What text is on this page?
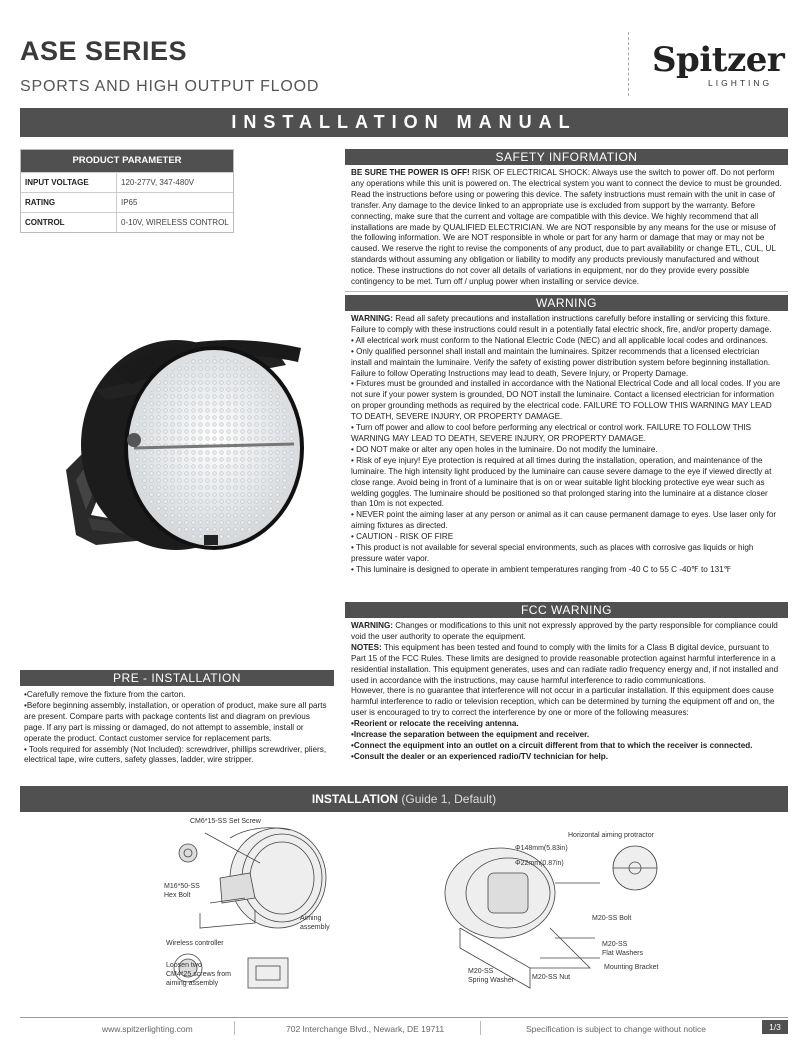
ASE SERIES
SPORTS AND HIGH OUTPUT FLOOD
Spitzer
LIGHTING
INSTALLATION MANUAL
PRODUCT PARAMETER
INPUT VOLTAGE	120-277V, 347-480V
RATING	IP65
CONTROL	0-10V, WIRELESS CONTROL
SAFETY INFORMATION

BE SURE THE POWER IS OFF! RISK OF ELECTRICAL SHOCK: Always use the switch to power off. Do not perform any operations while this unit is powered on. The electrical system you want to connect the device to must be grounded. Read the instructions before using or powering this device. The safety instructions must remain with the unit in case of transfer. Any damage to the device linked to an appropriate use is excluded from support by the warranty. Before connecting, make sure that the current and voltage are compatible with this device. We highly recommend that all installations are made by QUALIFIED ELECTRICIAN. We are NOT responsible by any means for the use or misuse of the following information. We are NOT responsible in whole or part for any harm or damage that may or may not be caused. We reserve the right to revise the components of any product, due to part availability or change ETL, CUL, UL standards without assuming any obligation or liability to modify any products previously manufactured and without notice. These instructions do not cover all details of variations in equipment, nor do they provide every possible contingency to be met. Turn off / unplug power when installing or service device.

WARNING

WARNING: Read all safety precautions and installation instructions carefully before installing or servicing this fixture. Failure to comply with these instructions could result in a potentially fatal electric shock, fire, and/or property damage.

• All electrical work must conform to the National Electric Code (NEC) and all applicable local codes and ordinances.

• Only qualified personnel shall install and maintain the luminaires. Spitzer recommends that a licensed electrician install and maintain the luminaire. Verify the safety of existing power distribution system before beginning installation. Failure to follow Operating Instructions may lead to death, Severe Injury, or Property Damage.

• Fixtures must be grounded and installed in accordance with the National Electrical Code and all local codes. If you are not sure if your power system is grounded, DO NOT install the luminaire. Contact a licensed electrician for information on proper grounding methods as required by the electrical code. FAILURE TO FOLLOW THIS WARNING MAY LEAD TO DEATH, SEVERE INJURY, OR PROPERTY DAMAGE.

• Turn off power and allow to cool before performing any electrical or control work. FAILURE TO FOLLOW THIS WARNING MAY LEAD TO DEATH, SEVERE INJURY, OR PROPERTY DAMAGE.

• DO NOT make or alter any open holes in the luminaire. Do not modify the luminaire.

• Risk of eye injury! Eye protection is required at all times during the installation, operation, and maintenance of the luminaire. The high intensity light produced by the luminaire can cause severe damage to the eye if viewed directly at close range. Avoid being in front of a luminaire that is on or wear suitable light blocking protective eye wear such as welding goggles. The luminaire should be positioned so that prolonged staring into the luminaire at a distance closer than 10m is not expected.

• NEVER point the aiming laser at any person or animal as it can cause permanent damage to eyes. Use laser only for aiming fixtures as directed.

• CAUTION - RISK OF FIRE

• This product is not available for several special environments, such as places with corrosive gas liquids or high pressure water vapor.

• This luminaire is designed to operate in ambient temperatures ranging from -40 C to 55 C -40℉ to 131℉

FCC WARNING

WARNING: Changes or modifications to this unit not expressly approved by the party responsible for compliance could void the user authority to operate the equipment.

NOTES: This equipment has been tested and found to comply with the limits for a Class B digital device, pursuant to Part 15 of the FCC Rules. These limits are designed to provide reasonable protection against harmful interference in a residential installation. This equipment generates, uses and can radiate radio frequency energy and, if not installed and used in accordance with the instructions, may cause harmful interference to radio communications.

However, there is no guarantee that interference will not occur in a particular installation. If this equipment does cause harmful interference to radio or television reception, which can be determined by turning the equipment off and on, the user is encouraged to try to correct the interference by one or more of the following measures:

•Reorient or relocate the receiving antenna.

•Increase the separation between the equipment and receiver.

•Connect the equipment into an outlet on a circuit different from that to which the receiver is connected.

•Consult the dealer or an experienced radio/TV technician for help.

PRE - INSTALLATION

•Carefully remove the fixture from the carton.

•Before beginning assembly, installation, or operation of product, make sure all parts are present. Compare parts with package contents list and diagram on previous page. If any part is missing or damaged, do not attempt to assemble, install or operate the product. Contact customer service for replacement parts.

• Tools required for assembly (Not Included): screwdriver, phillips screwdriver, pliers, electrical tape, wire cutters, safety glasses, ladder, wire stripper.

INSTALLATION (Guide 1, Default)
CM6*15-SS Set Screw
M16*50-SS
Hex Bolt
Aiming
assembly
Wireless controller
Loosen two
CM4*25 screws from
aiming assembly
Horizontal aiming protractor
Φ148mm(5.83in)
Φ22mm(0.87in)
M20-SS Bolt
M20-SS
Flat Washers
Mounting Bracket
M20-SS
Spring Washer	M20-SS Nut
www.spitzerlighting.com	702 Interchange Blvd., Newark, DE 19711	Specification is subject to change without notice	1/3
